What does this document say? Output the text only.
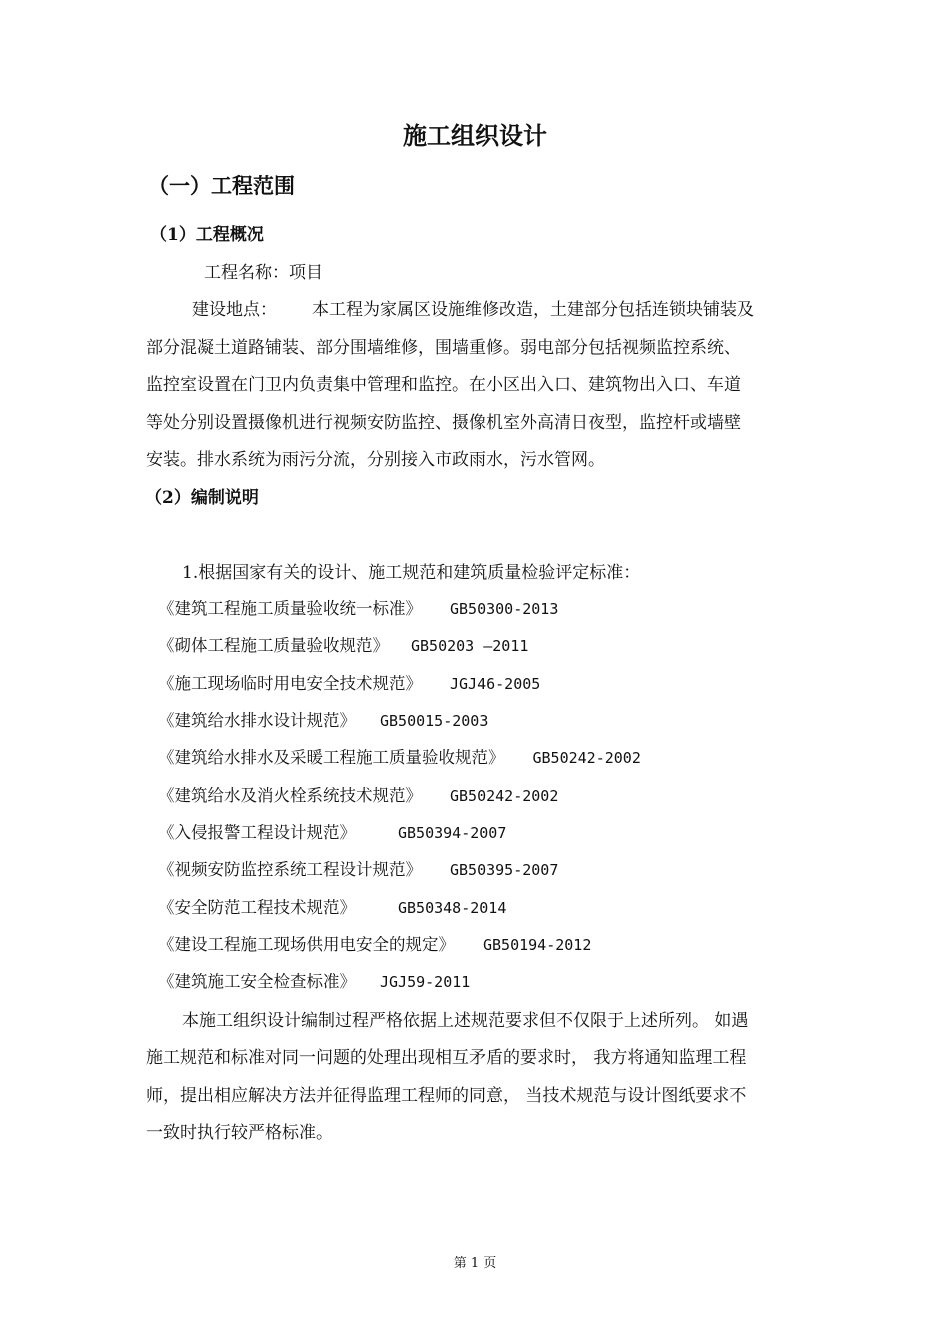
施工组织设计
（一）工程范围
（1）工程概况

工程名称：项目

建设地点： 本工程为家属区设施维修改造，土建部分包括连锁块铺装及

部分混凝土道路铺装、部分围墙维修，围墙重修。弱电部分包括视频监控系统、

监控室设置在门卫内负责集中管理和监控。在小区出入口、建筑物出入口、车道

等处分别设置摄像机进行视频安防监控、摄像机室外高清日夜型，监控杆或墙壁

安装。排水系统为雨污分流，分别接入市政雨水，污水管网。

（2）编制说明

1.根据国家有关的设计、施工规范和建筑质量检验评定标准：

《建筑工程施工质量验收统一标准》 GB50300-2013
《砌体工程施工质量验收规范》 GB50203 —2011
《施工现场临时用电安全技术规范》 JGJ46-2005
《建筑给水排水设计规范》 GB50015-2003
《建筑给水排水及采暖工程施工质量验收规范》 GB50242-2002
《建筑给水及消火栓系统技术规范》 GB50242-2002
《入侵报警工程设计规范》	GB50394-2007
《视频安防监控系统工程设计规范》 GB50395-2007
《安全防范工程技术规范》	GB50348-2014
《建设工程施工现场供用电安全的规定》 GB50194-2012
《建筑施工安全检查标准》 JGJ59-2011

本施工组织设计编制过程严格依据上述规范要求但不仅限于上述所列。 如遇

施工规范和标准对同一问题的处理出现相互矛盾的要求时， 我方将通知监理工程

师，提出相应解决方法并征得监理工程师的同意， 当技术规范与设计图纸要求不

一致时执行较严格标准。

第 1 页
